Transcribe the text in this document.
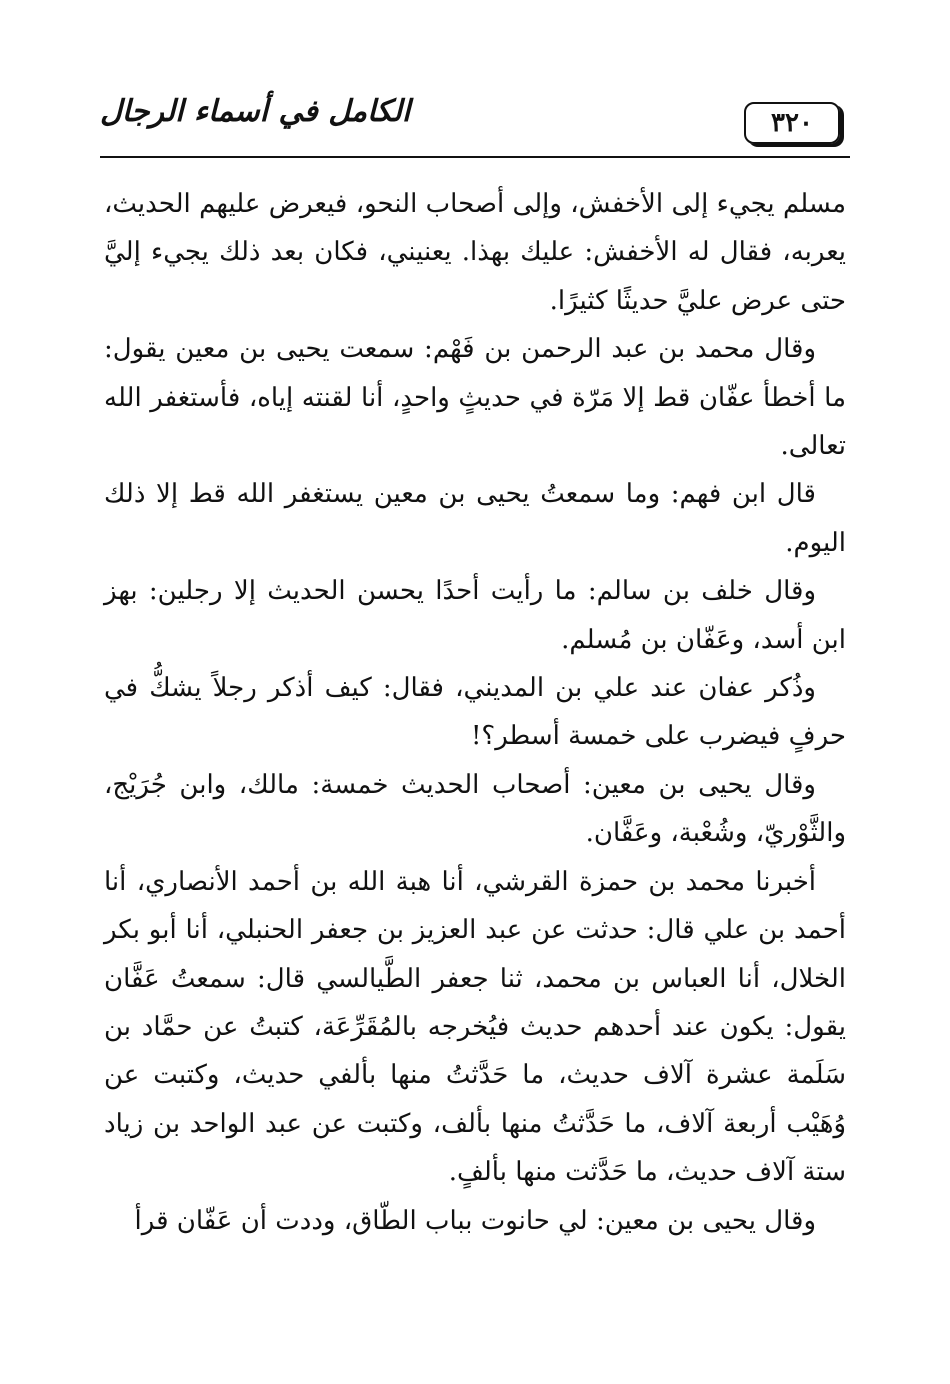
الكامل في أسماء الرجال	٣٢٠

مسلم يجيء إلى الأخفش، وإلى أصحاب النحو، فيعرض عليهم الحديث، يعربه، فقال له الأخفش: عليك بهذا. يعنيني، فكان بعد ذلك يجيء إليَّ حتى عرض عليَّ حديثًا كثيرًا.

وقال محمد بن عبد الرحمن بن فَهْم: سمعت يحيى بن معين يقول: ما أخطأ عفّان قط إلا مَرّة في حديثٍ واحدٍ، أنا لقنته إياه، فأستغفر الله تعالى.

قال ابن فهم: وما سمعتُ يحيى بن معين يستغفر الله قط إلا ذلك اليوم.

وقال خلف بن سالم: ما رأيت أحدًا يحسن الحديث إلا رجلين: بهز ابن أسد، وعَفّان بن مُسلم.

وذُكر عفان عند علي بن المديني، فقال: كيف أذكر رجلاً يشكُّ في حرفٍ فيضرب على خمسة أسطر؟!

وقال يحيى بن معين: أصحاب الحديث خمسة: مالك، وابن جُرَيْج، والثَّوْريّ، وشُعْبة، وعَفَّان.

أخبرنا محمد بن حمزة القرشي، أنا هبة الله بن أحمد الأنصاري، أنا أحمد بن علي قال: حدثت عن عبد العزيز بن جعفر الحنبلي، أنا أبو بكر الخلال، أنا العباس بن محمد، ثنا جعفر الطَّيالسي قال: سمعتُ عَفَّان يقول: يكون عند أحدهم حديث فيُخرجه بالمُقَرِّعَة، كتبتُ عن حمَّاد بن سَلَمة عشرة آلاف حديث، ما حَدَّثتُ منها بألفي حديث، وكتبت عن وُهَيْب أربعة آلاف، ما حَدَّثتُ منها بألف، وكتبت عن عبد الواحد بن زياد ستة آلاف حديث، ما حَدَّثت منها بألفٍ.

وقال يحيى بن معين: لي حانوت بباب الطّاق، وددت أن عَفّان قرأ
